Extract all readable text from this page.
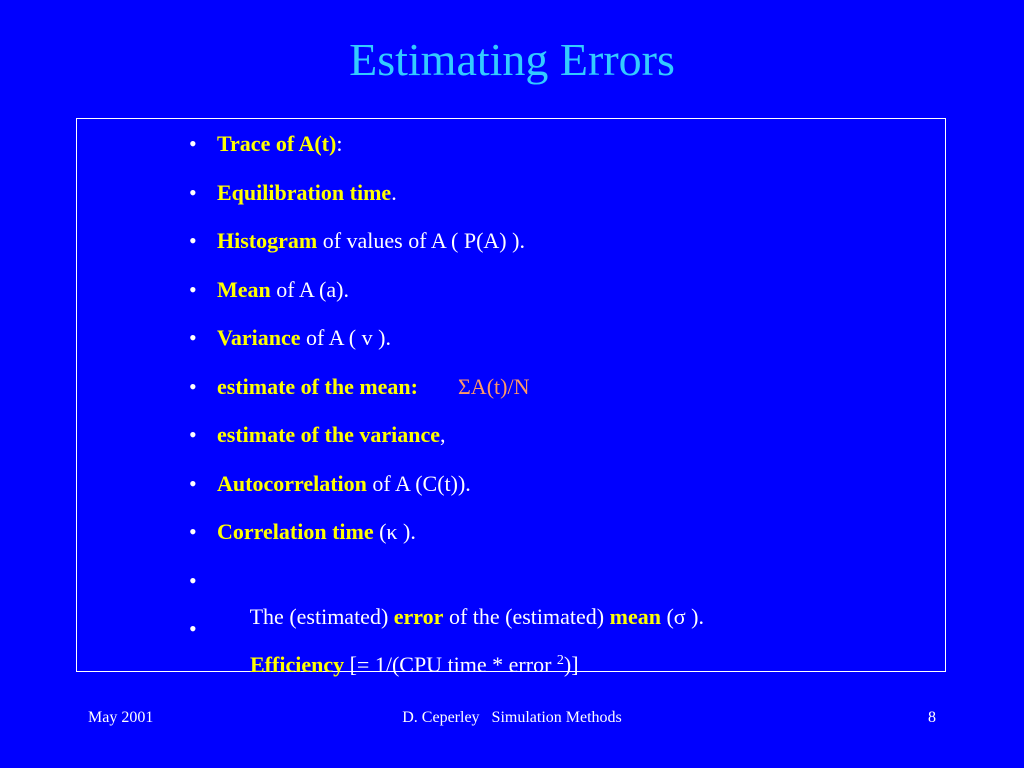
Estimating Errors
• Trace of A(t):
• Equilibration time.
• Histogram of values of A ( P(A) ).
• Mean of A (a).
• Variance of A ( v ).
• estimate of the mean: ΣA(t)/N
• estimate of the variance,
• Autocorrelation of A (C(t)).
• Correlation time (κ ).
•

The (estimated) error of the (estimated) mean (σ ).

•

Efficiency [= 1/(CPU time * error $^2$)]

May 2001	D. Ceperley   Simulation Methods	8
